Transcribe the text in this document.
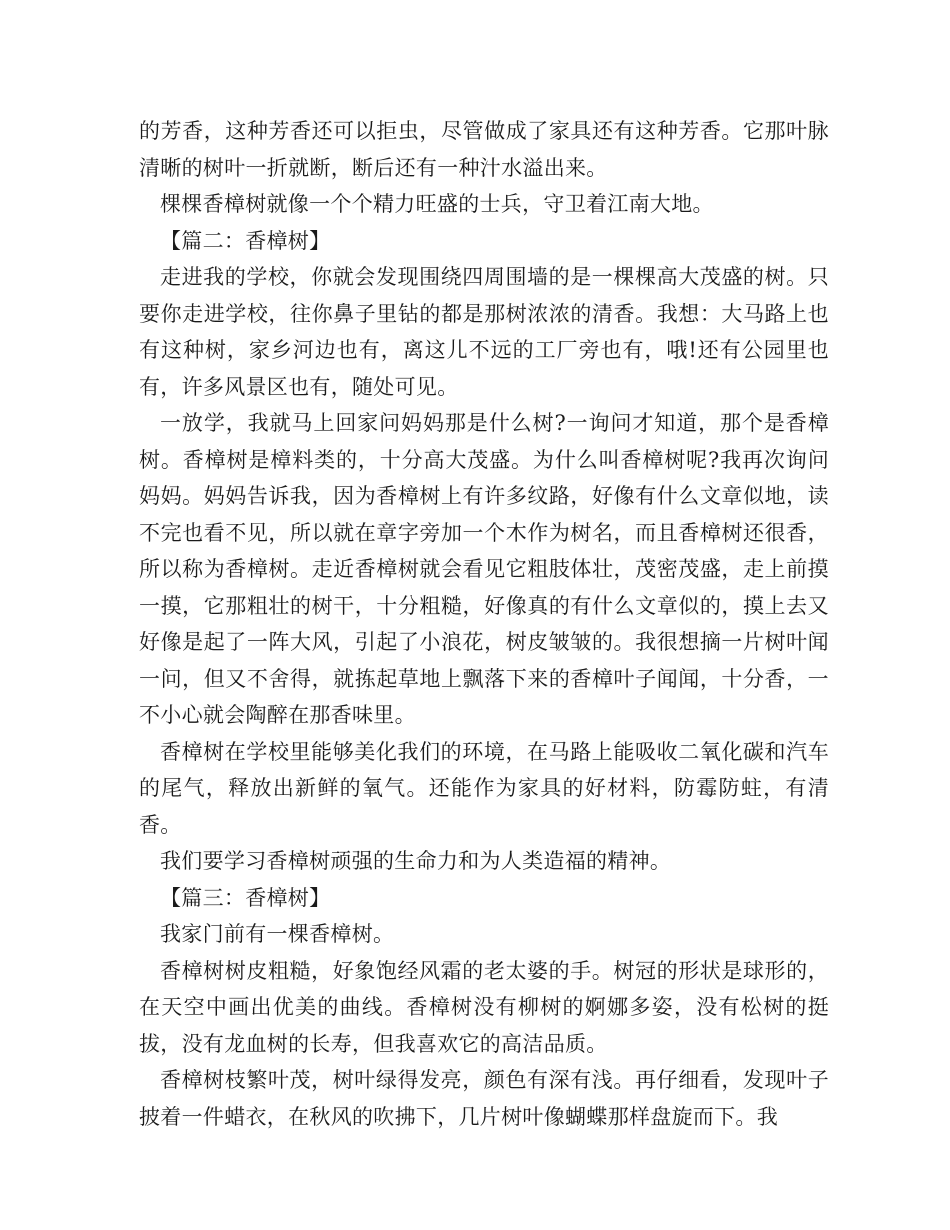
的芳香，这种芳香还可以拒虫，尽管做成了家具还有这种芳香。它那叶脉清晰的树叶一折就断，断后还有一种汁水溢出来。

棵棵香樟树就像一个个精力旺盛的士兵，守卫着江南大地。

【篇二：香樟树】

走进我的学校，你就会发现围绕四周围墙的是一棵棵高大茂盛的树。只要你走进学校，往你鼻子里钻的都是那树浓浓的清香。我想：大马路上也有这种树，家乡河边也有，离这儿不远的工厂旁也有，哦!还有公园里也有，许多风景区也有，随处可见。

一放学，我就马上回家问妈妈那是什么树?一询问才知道，那个是香樟树。香樟树是樟料类的，十分高大茂盛。为什么叫香樟树呢?我再次询问妈妈。妈妈告诉我，因为香樟树上有许多纹路，好像有什么文章似地，读不完也看不见，所以就在章字旁加一个木作为树名，而且香樟树还很香，所以称为香樟树。走近香樟树就会看见它粗肢体壮，茂密茂盛，走上前摸一摸，它那粗壮的树干，十分粗糙，好像真的有什么文章似的，摸上去又好像是起了一阵大风，引起了小浪花，树皮皱皱的。我很想摘一片树叶闻一问，但又不舍得，就拣起草地上飘落下来的香樟叶子闻闻，十分香，一不小心就会陶醉在那香味里。

香樟树在学校里能够美化我们的环境，在马路上能吸收二氧化碳和汽车的尾气，释放出新鲜的氧气。还能作为家具的好材料，防霉防蛀，有清香。

我们要学习香樟树顽强的生命力和为人类造福的精神。

【篇三：香樟树】

我家门前有一棵香樟树。

香樟树树皮粗糙，好象饱经风霜的老太婆的手。树冠的形状是球形的，在天空中画出优美的曲线。香樟树没有柳树的婀娜多姿，没有松树的挺拔，没有龙血树的长寿，但我喜欢它的高洁品质。

香樟树枝繁叶茂，树叶绿得发亮，颜色有深有浅。再仔细看，发现叶子披着一件蜡衣，在秋风的吹拂下，几片树叶像蝴蝶那样盘旋而下。我
